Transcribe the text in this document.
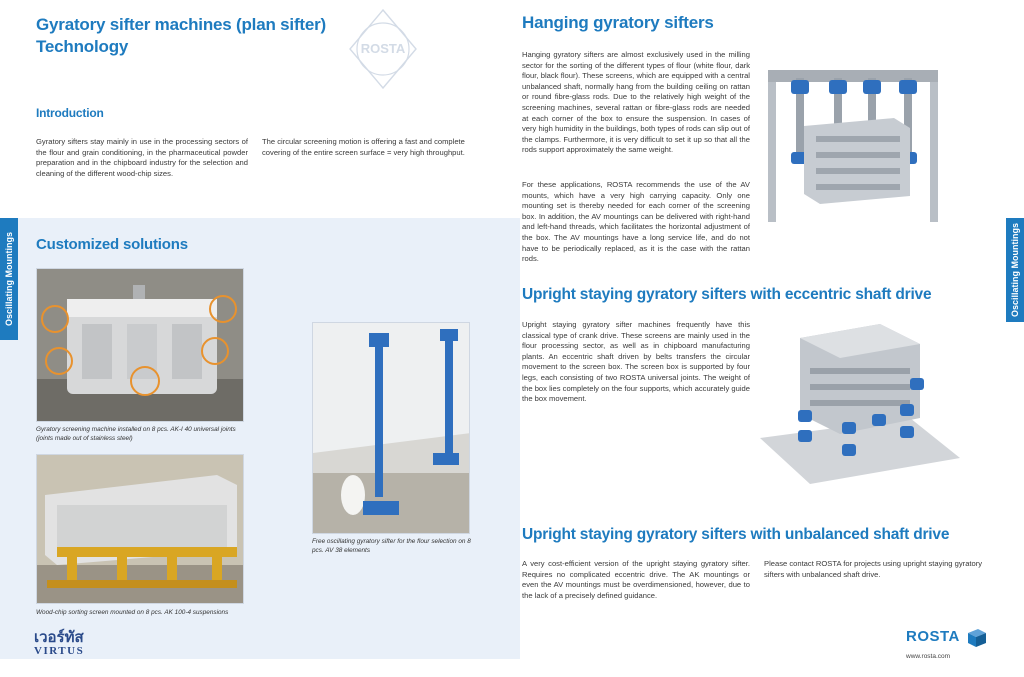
Gyratory sifter machines (plan sifter)
Technology	ROSTA
Introduction
Gyratory sifters stay mainly in use in the processing sectors of the flour and grain conditioning, in the pharmaceutical powder preparation and in the chipboard industry for the selection and cleaning of the different wood-chip sizes.
The circular screening motion is offering a fast and complete covering of the entire screen surface = very high throughput.
Oscillating Mountings Customized solutions
Gyratory screening machine installed on 8 pcs. AK-I 40 universal joints (joints made out of stainless steel)
Wood-chip sorting screen mounted on 8 pcs. AK 100-4 suspensions
Free oscillating gyratory sifter for the flour selection on 8 pcs. AV 38 elements
เวอร์ทัส
VIRTUS
Hanging gyratory sifters
Hanging gyratory sifters are almost exclusively used in the milling sector for the sorting of the different types of flour (white flour, dark flour, black flour). These screens, which are equipped with a central unbalanced shaft, normally hang from the building ceiling on rattan or round fibre-glass rods. Due to the relatively high weight of the screening machines, several rattan or fibre-glass rods are needed at each corner of the box to ensure the suspension. In cases of very high humidity in the buildings, both types of rods can slip out of the clamps. Furthermore, it is very difficult to set it up so that all the rods support approximately the same weight.
For these applications, ROSTA recommends the use of the AV mounts, which have a very high carrying capacity. Only one mounting set is thereby needed for each corner of the screening box. In addition, the AV mountings can be delivered with right-hand and left-hand threads, which facilitates the horizontal adjustment of the box. The AV mountings have a long service life, and do not have to be periodically replaced, as it is the case with the rattan rods.	Oscillating Mountings
Upright staying gyratory sifters with eccentric shaft drive
Upright staying gyratory sifter machines frequently have this classical type of crank drive. These screens are mainly used in the flour processing sector, as well as in chipboard manufacturing plants. An eccentric shaft driven by belts transfers the circular movement to the screen box. The screen box is supported by four legs, each consisting of two ROSTA universal joints. The weight of the box lies completely on the four supports, which accurately guide the box movement.
Upright staying gyratory sifters with unbalanced shaft drive
A very cost-efficient version of the upright staying gyratory sifter. Requires no complicated eccentric drive. The AK mountings or even the AV mountings must be overdimensioned, however, due to the lack of a precisely defined guidance.
Please contact ROSTA for projects using upright staying gyratory sifters with unbalanced shaft drive.
ROSTA
www.rosta.com
